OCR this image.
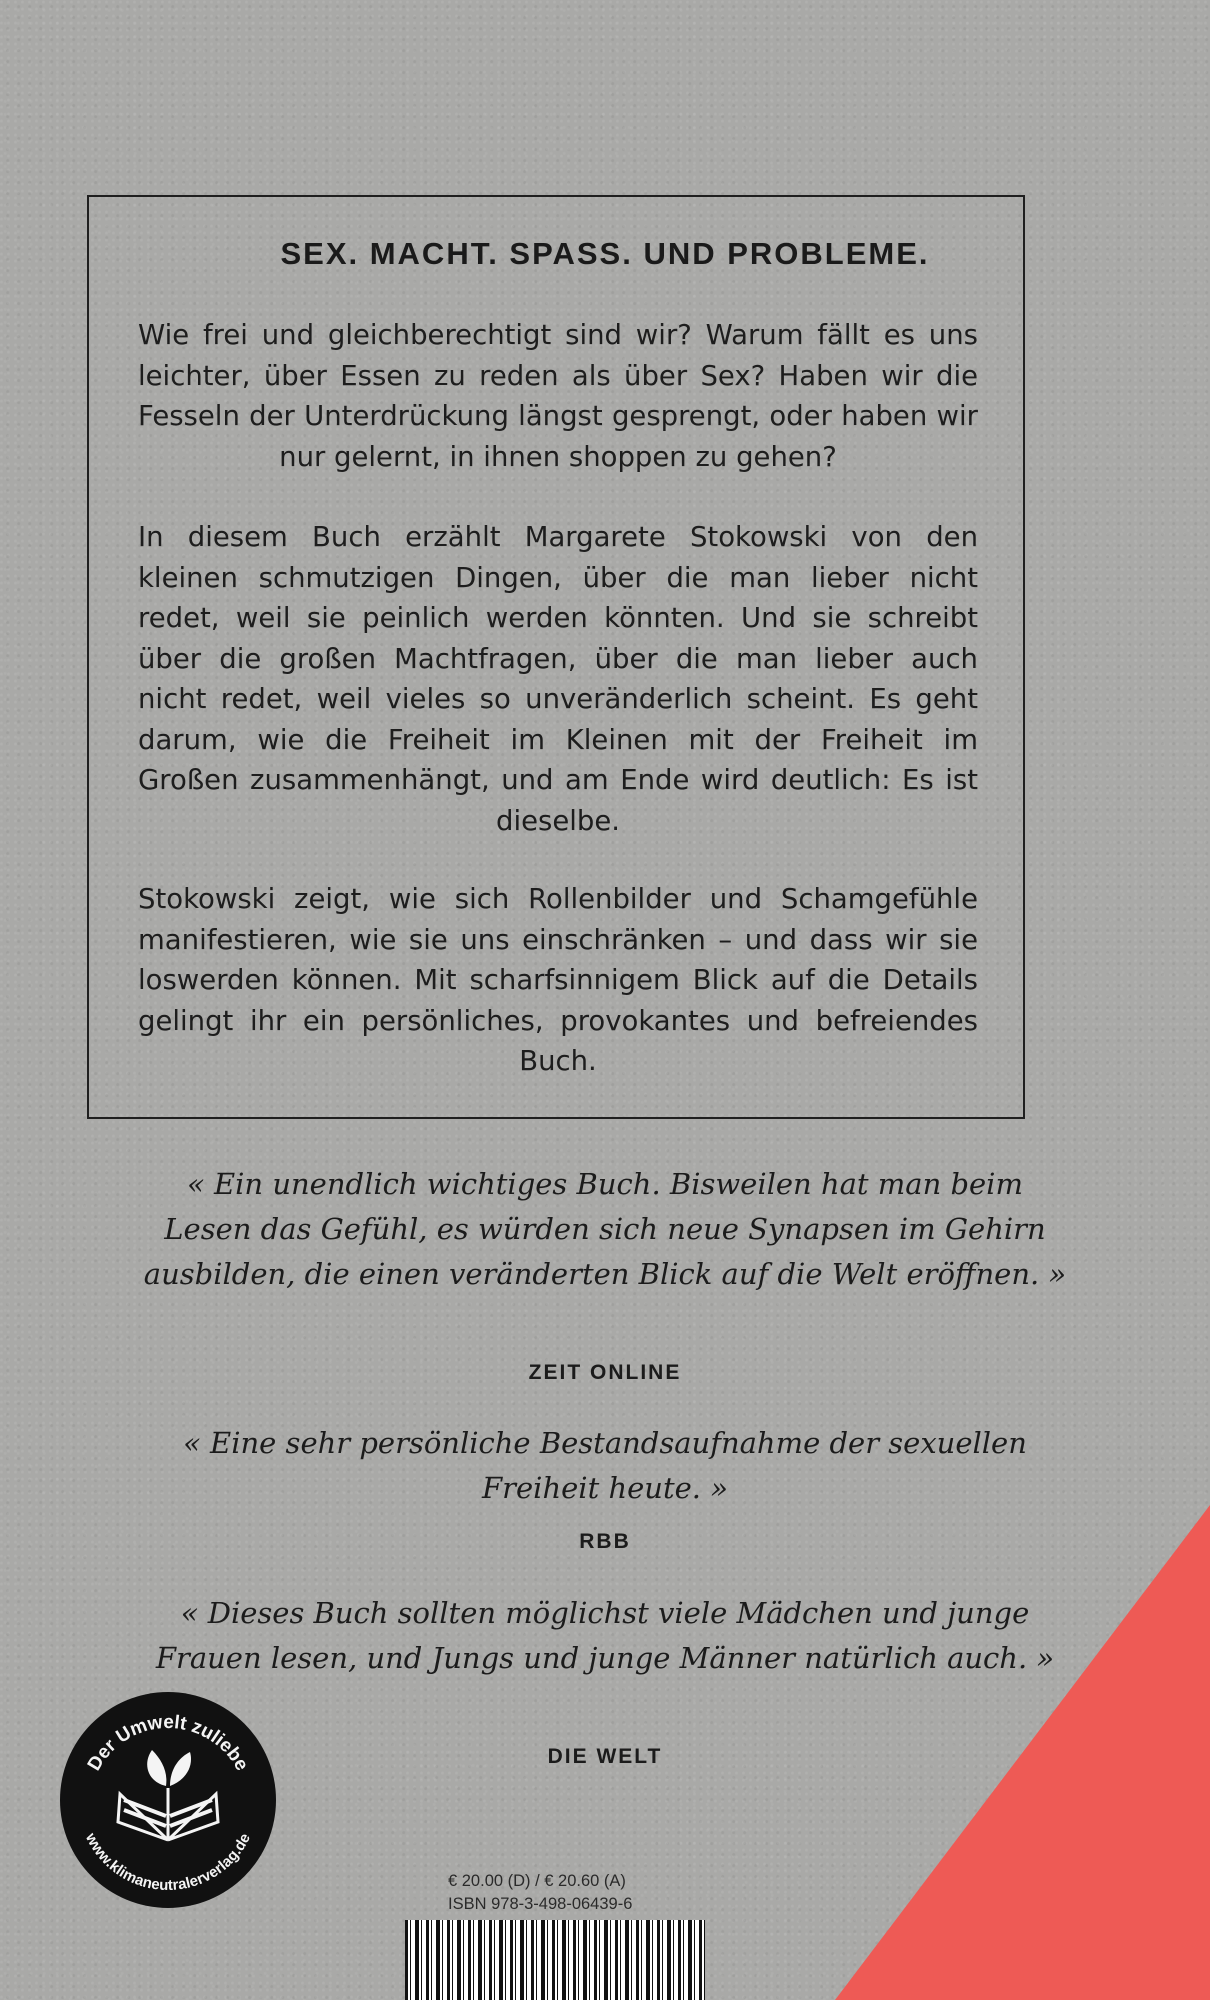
SEX. MACHT. SPASS. UND PROBLEME.

Wie frei und gleichberechtigt sind wir? Warum fällt es uns leichter, über Essen zu reden als über Sex? Haben wir die Fesseln der Unterdrückung längst gesprengt, oder haben wir nur gelernt, in ihnen shoppen zu gehen?

In diesem Buch erzählt Margarete Stokowski von den kleinen schmutzigen Dingen, über die man lieber nicht redet, weil sie peinlich werden könnten. Und sie schreibt über die großen Machtfragen, über die man lieber auch nicht redet, weil vieles so unveränderlich scheint. Es geht darum, wie die Freiheit im Kleinen mit der Freiheit im Großen zusammenhängt, und am Ende wird deutlich: Es ist dieselbe.

Stokowski zeigt, wie sich Rollenbilder und Schamgefühle manifestieren, wie sie uns einschränken – und dass wir sie loswerden können. Mit scharfsinnigem Blick auf die Details gelingt ihr ein persönliches, provokantes und befreiendes Buch.

« Ein unendlich wichtiges Buch. Bisweilen hat man beim Lesen das Gefühl, es würden sich neue Synapsen im Gehirn ausbilden, die einen veränderten Blick auf die Welt eröffnen. »

ZEIT ONLINE

« Eine sehr persönliche Bestandsaufnahme der sexuellen Freiheit heute. »

RBB

« Dieses Buch sollten möglichst viele Mädchen und junge Frauen lesen, und Jungs und junge Männer natürlich auch. »

DIE WELT
Der Umwelt zuliebe
www.klimaneutralerverlag.de
€ 20.00 (D) / € 20.60 (A)
ISBN 978-3-498-06439-6
